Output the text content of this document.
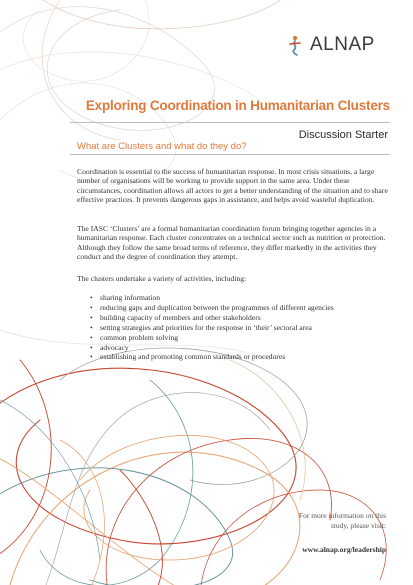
ALNAP
Exploring Coordination in Humanitarian Clusters
Discussion Starter
What are Clusters and what do they do?

Coordination is essential to the success of humanitarian response. In most crisis situations, a large number of organisations will be working to provide support in the same area. Under these circumstances, coordination allows all actors to get a better understanding of the situation and to share effective practices. It prevents dangerous gaps in assistance, and helps avoid wasteful duplication.

The IASC ‘Clusters’ are a formal humanitarian coordination forum bringing together agencies in a humanitarian response. Each cluster concentrates on a technical sector such as nutrition or protection. Although they follow the same broad terms of reference, they differ markedly in the activities they conduct and the degree of coordination they attempt.

The clusters undertake a variety of activities, including:

• sharing information
• reducing gaps and duplication between the programmes of different agencies
• building capacity of members and other stakeholders
• setting strategies and priorities for the response in ‘their’ sectoral area
• common problem solving
• advocacy
• establishing and promoting common standards or procedures
For more information on this
study, please visit:
www.alnap.org/leadership
